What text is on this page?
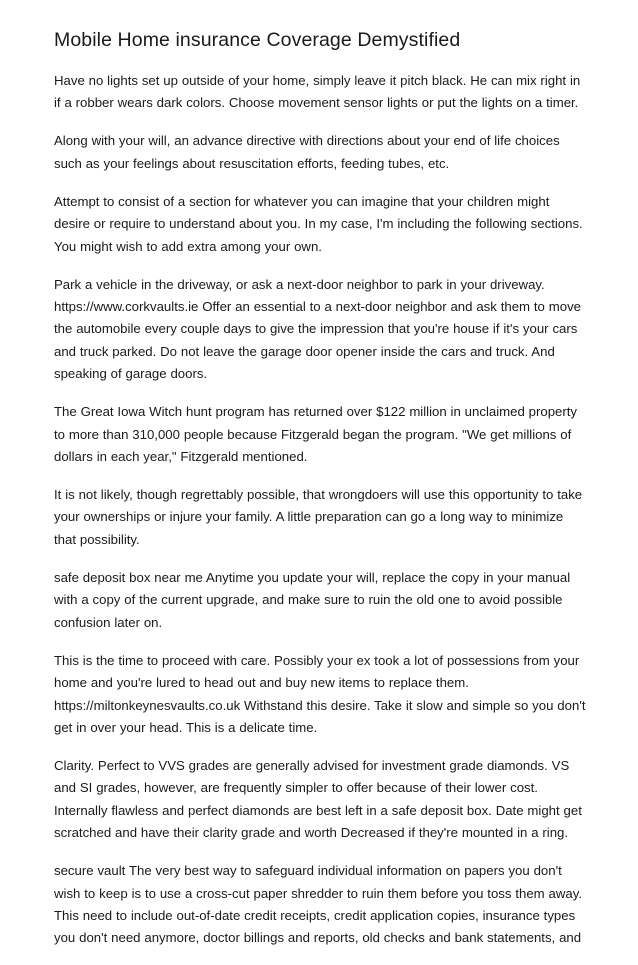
Mobile Home insurance Coverage Demystified

Have no lights set up outside of your home, simply leave it pitch black. He can mix right in if a robber wears dark colors. Choose movement sensor lights or put the lights on a timer.

Along with your will, an advance directive with directions about your end of life choices such as your feelings about resuscitation efforts, feeding tubes, etc.

Attempt to consist of a section for whatever you can imagine that your children might desire or require to understand about you. In my case, I'm including the following sections. You might wish to add extra among your own.

Park a vehicle in the driveway, or ask a next-door neighbor to park in your driveway. https://www.corkvaults.ie Offer an essential to a next-door neighbor and ask them to move the automobile every couple days to give the impression that you're house if it's your cars and truck parked. Do not leave the garage door opener inside the cars and truck. And speaking of garage doors.

The Great Iowa Witch hunt program has returned over $122 million in unclaimed property to more than 310,000 people because Fitzgerald began the program. "We get millions of dollars in each year," Fitzgerald mentioned.

It is not likely, though regrettably possible, that wrongdoers will use this opportunity to take your ownerships or injure your family. A little preparation can go a long way to minimize that possibility.

safe deposit box near me Anytime you update your will, replace the copy in your manual with a copy of the current upgrade, and make sure to ruin the old one to avoid possible confusion later on.

This is the time to proceed with care. Possibly your ex took a lot of possessions from your home and you're lured to head out and buy new items to replace them. https://miltonkeynesvaults.co.uk Withstand this desire. Take it slow and simple so you don't get in over your head. This is a delicate time.

Clarity. Perfect to VVS grades are generally advised for investment grade diamonds. VS and SI grades, however, are frequently simpler to offer because of their lower cost. Internally flawless and perfect diamonds are best left in a safe deposit box. Date might get scratched and have their clarity grade and worth Decreased if they're mounted in a ring.

secure vault The very best way to safeguard individual information on papers you don't wish to keep is to use a cross-cut paper shredder to ruin them before you toss them away. This need to include out-of-date credit receipts, credit application copies, insurance types you don't need anymore, doctor billings and reports, old checks and bank statements, and
